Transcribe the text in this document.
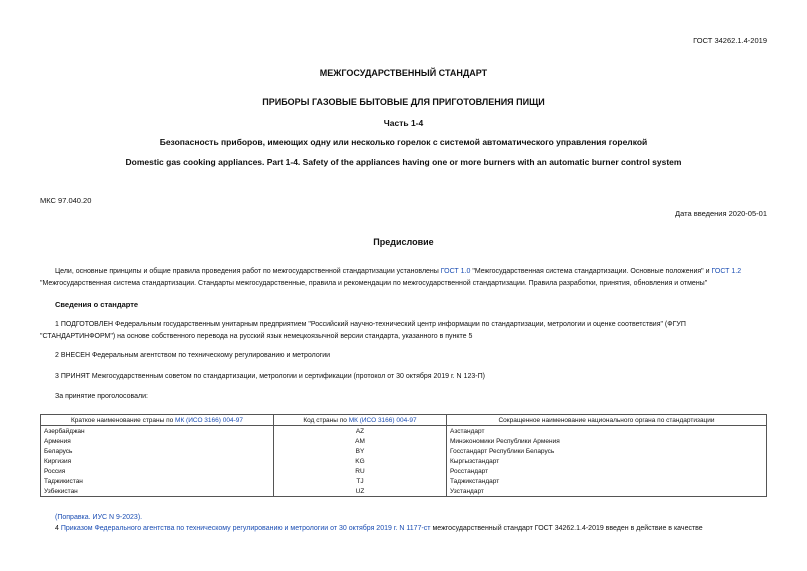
ГОСТ 34262.1.4-2019
МЕЖГОСУДАРСТВЕННЫЙ СТАНДАРТ
ПРИБОРЫ ГАЗОВЫЕ БЫТОВЫЕ ДЛЯ ПРИГОТОВЛЕНИЯ ПИЩИ
Часть 1-4
Безопасность приборов, имеющих одну или несколько горелок с системой автоматического управления горелкой
Domestic gas cooking appliances. Part 1-4. Safety of the appliances having one or more burners with an automatic burner control system
МКС 97.040.20
Дата введения 2020-05-01
Предисловие
Цели, основные принципы и общие правила проведения работ по межгосударственной стандартизации установлены ГОСТ 1.0 "Межгосударственная система стандартизации. Основные положения" и ГОСТ 1.2
"Межгосударственная система стандартизации. Стандарты межгосударственные, правила и рекомендации по межгосударственной стандартизации. Правила разработки, принятия, обновления и отмены"
Сведения о стандарте
1 ПОДГОТОВЛЕН Федеральным государственным унитарным предприятием "Российский научно-технический центр информации по стандартизации, метрологии и оценке соответствия" (ФГУП
"СТАНДАРТИНФОРМ") на основе собственного перевода на русский язык немецкоязычной версии стандарта, указанного в пункте 5
2 ВНЕСЕН Федеральным агентством по техническому регулированию и метрологии
3 ПРИНЯТ Межгосударственным советом по стандартизации, метрологии и сертификации (протокол от 30 октября 2019 г. N 123-П)
За принятие проголосовали:
Краткое наименование страны по МК (ИСО 3166) 004-97	Код страны по МК (ИСО 3166) 004-97	Сокращенное наименование национального органа по стандартизации
Азербайджан	AZ	Азстандарт
Армения	AM	Минэкономики Республики Армения
Беларусь	BY	Госстандарт Республики Беларусь
Киргизия	KG	Кыргызстандарт
Россия	RU	Росстандарт
Таджикистан	TJ	Таджикстандарт
Узбекистан	UZ	Узстандарт
(Поправка. ИУС N 9-2023).
4 Приказом Федерального агентства по техническому регулированию и метрологии от 30 октября 2019 г. N 1177-ст межгосударственный стандарт ГОСТ 34262.1.4-2019 введен в действие в качестве
